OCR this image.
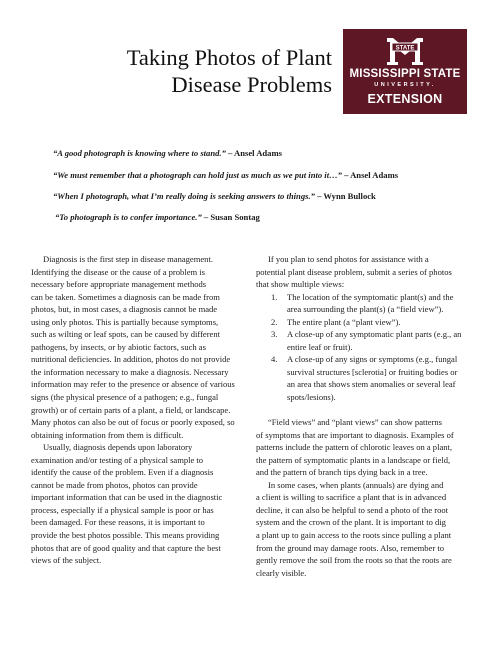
Taking Photos of Plant
Disease Problems
STATE
MISSISSIPPI STATE
UNIVERSITY.
EXTENSION
“A good photograph is knowing where to stand.” – Ansel Adams
“We must remember that a photograph can hold just as much as we put into it…” – Ansel Adams
“When I photograph, what I’m really doing is seeking answers to things.” – Wynn Bullock
“To photograph is to confer importance.” – Susan Sontag

Diagnosis is the first step in disease management.
Identifying the disease or the cause of a problem is
necessary before appropriate management methods
can be taken. Sometimes a diagnosis can be made from
photos, but, in most cases, a diagnosis cannot be made
using only photos. This is partially because symptoms,
such as wilting or leaf spots, can be caused by different
pathogens, by insects, or by abiotic factors, such as
nutritional deficiencies. In addition, photos do not provide
the information necessary to make a diagnosis. Necessary
information may refer to the presence or absence of various
signs (the physical presence of a pathogen; e.g., fungal
growth) or of certain parts of a plant, a field, or landscape.
Many photos can also be out of focus or poorly exposed, so
obtaining information from them is difficult.

Usually, diagnosis depends upon laboratory
examination and/or testing of a physical sample to
identify the cause of the problem. Even if a diagnosis
cannot be made from photos, photos can provide
important information that can be used in the diagnostic
process, especially if a physical sample is poor or has
been damaged. For these reasons, it is important to
provide the best photos possible. This means providing
photos that are of good quality and that capture the best
views of the subject.

If you plan to send photos for assistance with a
potential plant disease problem, submit a series of photos
that show multiple views:

1. The location of the symptomatic plant(s) and the
area surrounding the plant(s) (a “field view”).
2. The entire plant (a “plant view”).
3. A close-up of any symptomatic plant parts (e.g., an
entire leaf or fruit).
4. A close-up of any signs or symptoms (e.g., fungal
survival structures [sclerotia] or fruiting bodies or
an area that shows stem anomalies or several leaf
spots/lesions).

“Field views” and “plant views” can show patterns
of symptoms that are important to diagnosis. Examples of
patterns include the pattern of chlorotic leaves on a plant,
the pattern of symptomatic plants in a landscape or field,
and the pattern of branch tips dying back in a tree.

In some cases, when plants (annuals) are dying and
a client is willing to sacrifice a plant that is in advanced
decline, it can also be helpful to send a photo of the root
system and the crown of the plant. It is important to dig
a plant up to gain access to the roots since pulling a plant
from the ground may damage roots. Also, remember to
gently remove the soil from the roots so that the roots are
clearly visible.
